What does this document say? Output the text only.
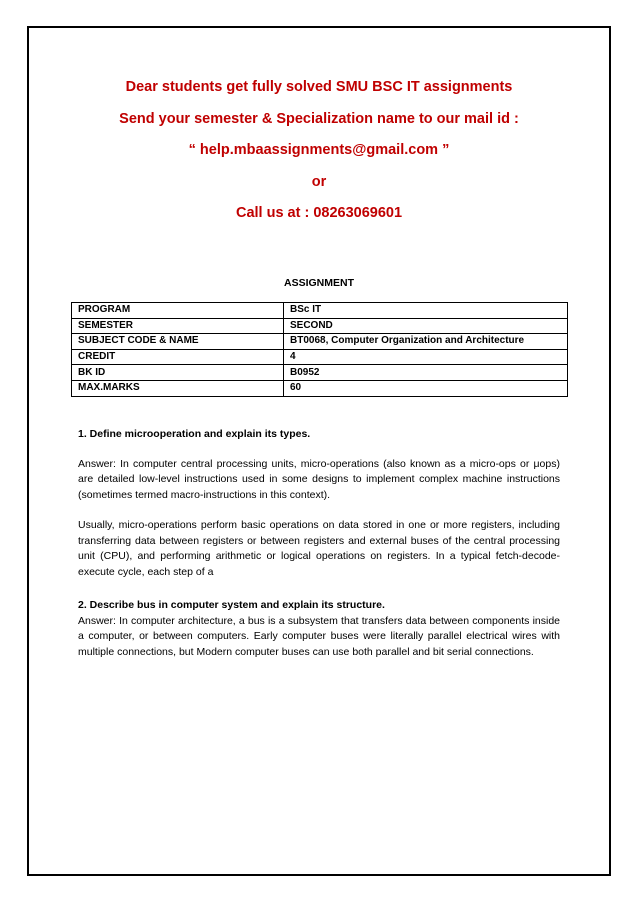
Dear students get fully solved SMU BSC IT assignments
Send your semester & Specialization name to our mail id :
“ help.mbaassignments@gmail.com ”
or
Call us at : 08263069601
ASSIGNMENT
PROGRAM	BSc IT
SEMESTER	SECOND
SUBJECT CODE & NAME	BT0068, Computer Organization and Architecture
CREDIT	4
BK ID	B0952
MAX.MARKS	60

1. Define microoperation and explain its types.

Answer: In computer central processing units, micro-operations (also known as a micro-ops or μops) are detailed low-level instructions used in some designs to implement complex machine instructions (sometimes termed macro-instructions in this context).

Usually, micro-operations perform basic operations on data stored in one or more registers, including transferring data between registers or between registers and external buses of the central processing unit (CPU), and performing arithmetic or logical operations on registers. In a typical fetch-decode-execute cycle, each step of a

2. Describe bus in computer system and explain its structure.

Answer: In computer architecture, a bus is a subsystem that transfers data between components inside a computer, or between computers. Early computer buses were literally parallel electrical wires with multiple connections, but Modern computer buses can use both parallel and bit serial connections.
